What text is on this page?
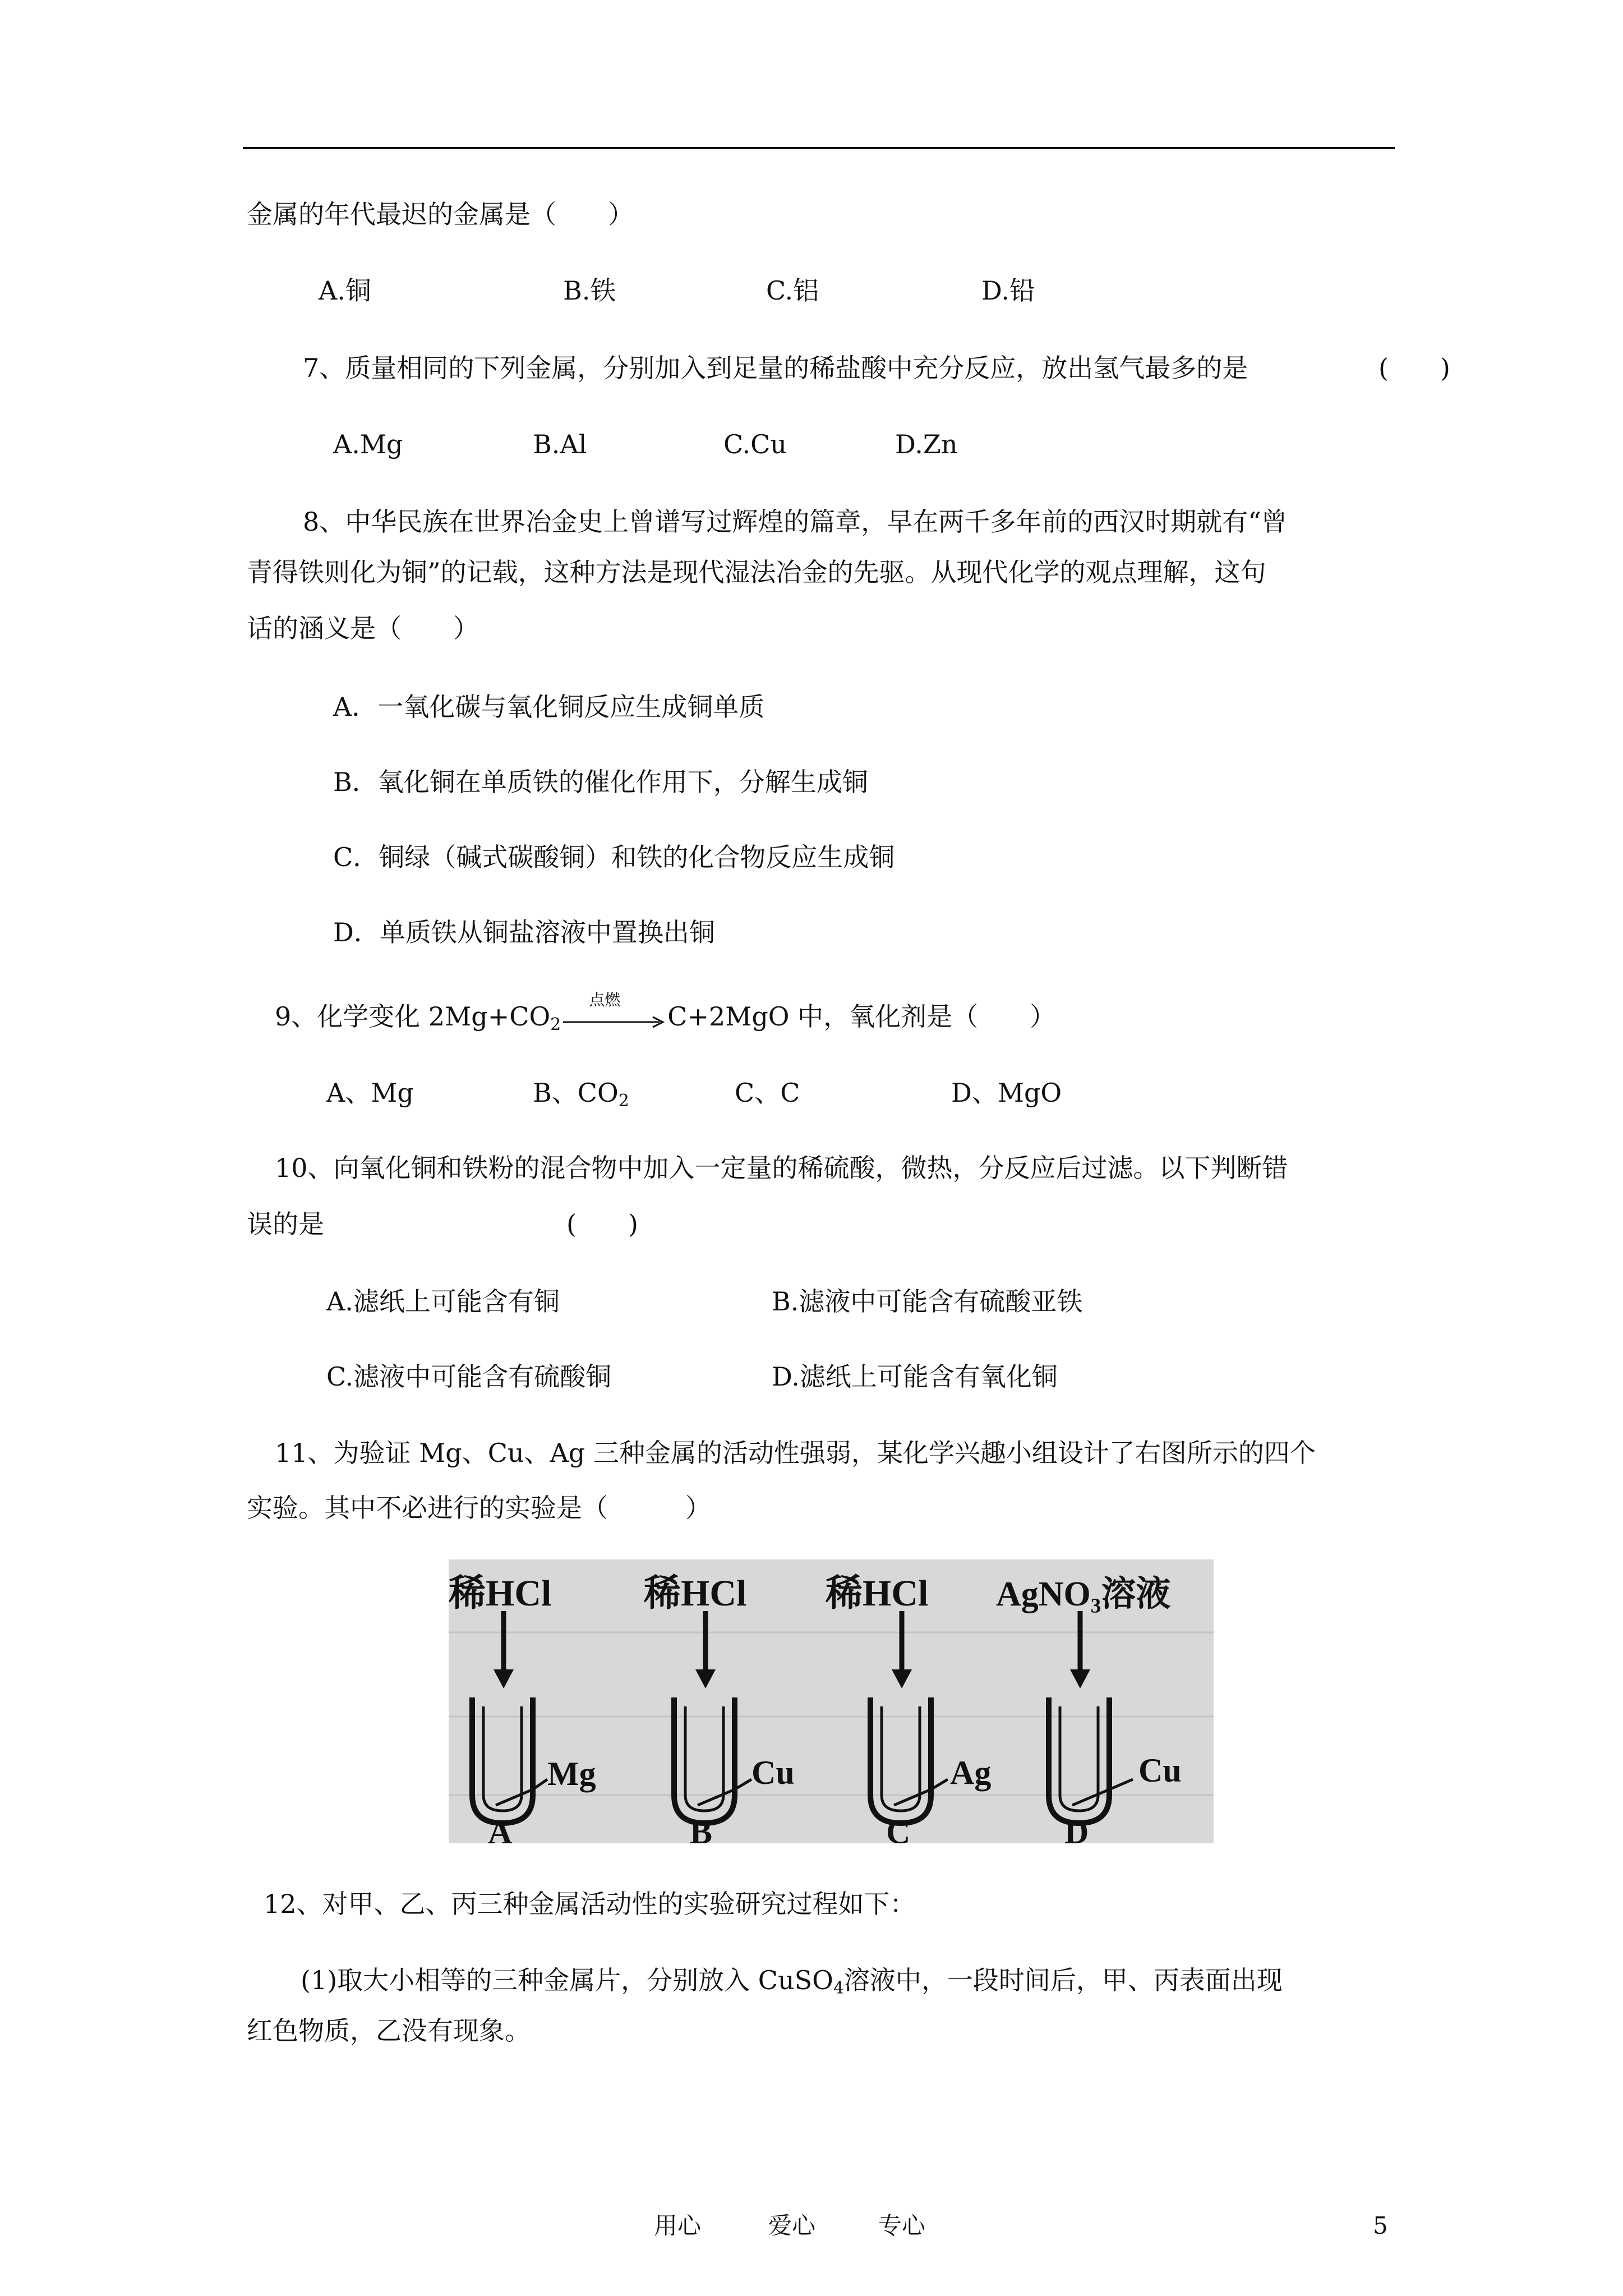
金属的年代最迟的金属是（　　）
A.铜	B.铁	C.铝	D.铅
7、质量相同的下列金属，分别加入到足量的稀盐酸中充分反应，放出氢气最多的是	(　　)
A.Mg	B.Al	C.Cu	D.Zn
8、中华民族在世界冶金史上曾谱写过辉煌的篇章，早在两千多年前的西汉时期就有“曾
青得铁则化为铜”的记载，这种方法是现代湿法冶金的先驱。从现代化学的观点理解，这句
话的涵义是（　　）
A．一氧化碳与氧化铜反应生成铜单质
B．氧化铜在单质铁的催化作用下，分解生成铜
C．铜绿（碱式碳酸铜）和铁的化合物反应生成铜
D．单质铁从铜盐溶液中置换出铜
9、化学变化 $2Mg+CO_2$
点燃
C+2MgO 中，氧化剂是（　　）
A、Mg	B、$CO_2$	C、C	D、MgO
10、向氧化铜和铁粉的混合物中加入一定量的稀硫酸，微热，分反应后过滤。以下判断错
误的是	(　　)
A.滤纸上可能含有铜	B.滤液中可能含有硫酸亚铁
C.滤液中可能含有硫酸铜	D.滤纸上可能含有氧化铜
11、为验证 Mg、Cu、Ag 三种金属的活动性强弱，某化学兴趣小组设计了右图所示的四个
实验。其中不必进行的实验是（　　　）
稀HCl
Mg
A
稀HCl
Cu
B
稀HCl
Ag
C
AgNO₃溶液
Cu
D
12、对甲、乙、丙三种金属活动性的实验研究过程如下：
(1)取大小相等的三种金属片，分别放入 CuSO$_4$溶液中，一段时间后，甲、丙表面出现
红色物质，乙没有现象。
用心	爱心	专心	5
